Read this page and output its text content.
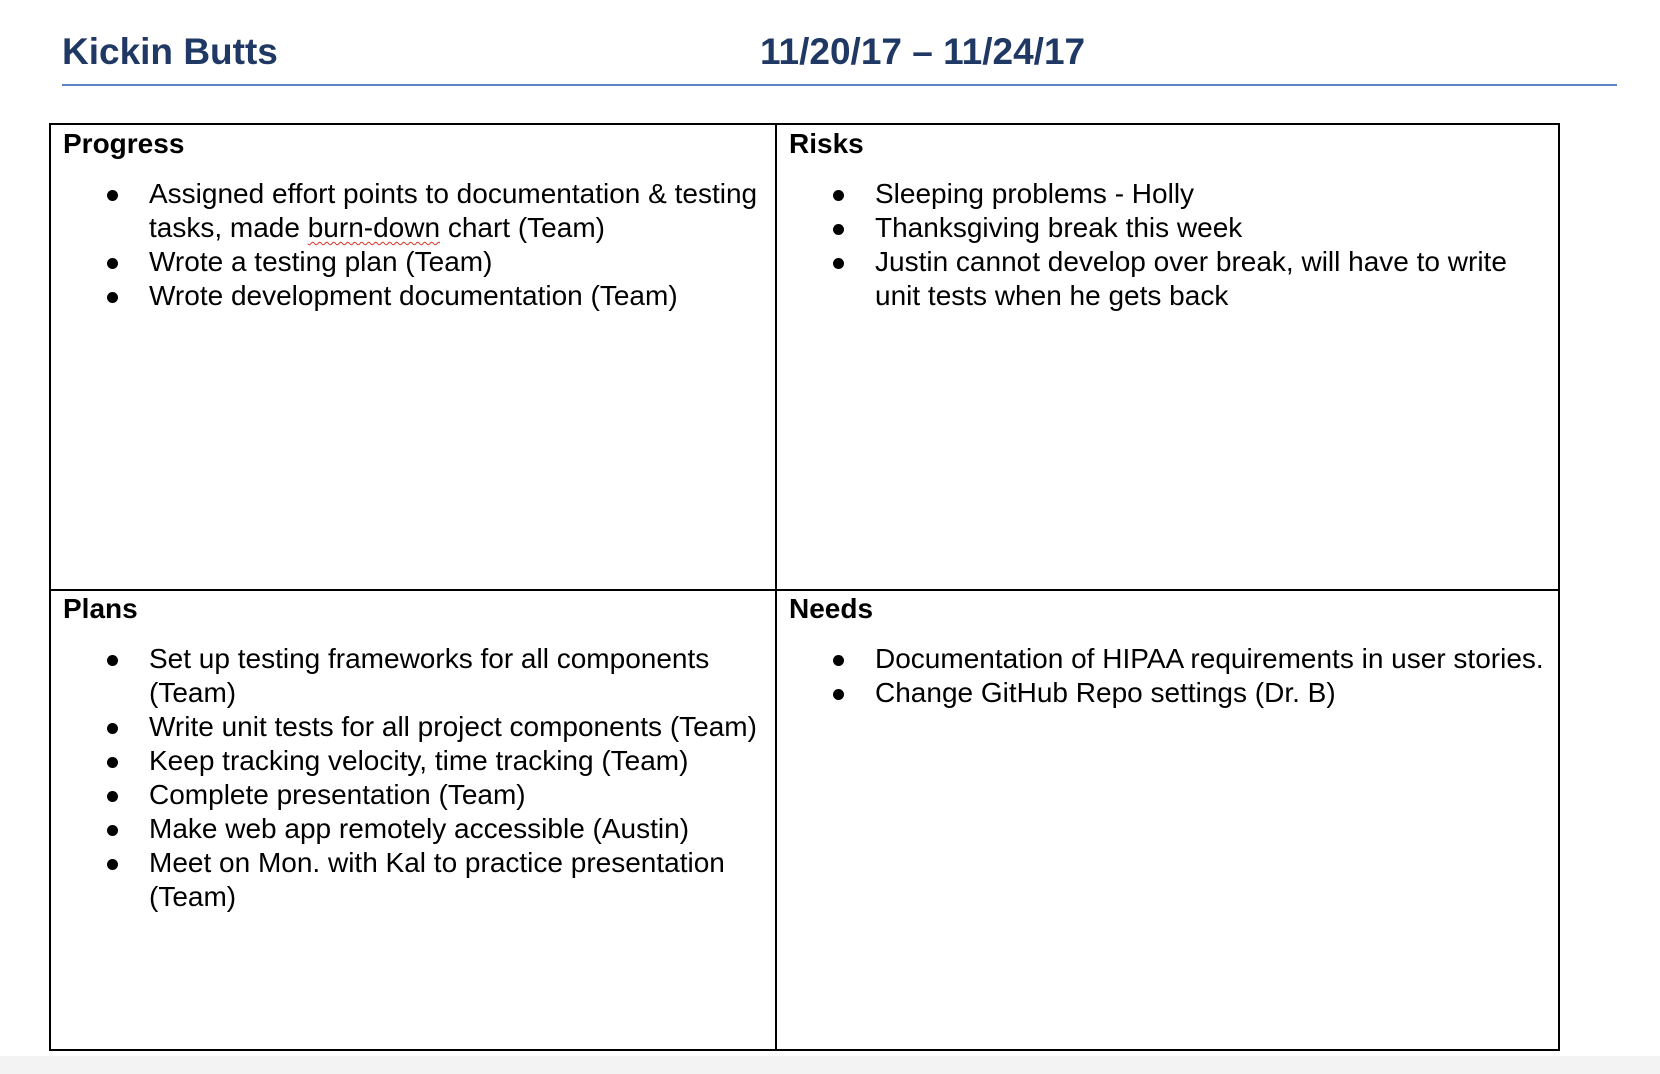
Kickin Butts	11/20/17 – 11/24/17
Progress
Assigned effort points to documentation & testing tasks, made burn-down chart (Team)
Wrote a testing plan (Team)
Wrote development documentation (Team)
Risks
Sleeping problems - Holly
Thanksgiving break this week
Justin cannot develop over break, will have to write unit tests when he gets back
Plans
Set up testing frameworks for all components (Team)
Write unit tests for all project components (Team)
Keep tracking velocity, time tracking (Team)
Complete presentation (Team)
Make web app remotely accessible (Austin)
Meet on Mon. with Kal to practice presentation (Team)
Needs
Documentation of HIPAA requirements in user stories.
Change GitHub Repo settings (Dr. B)
